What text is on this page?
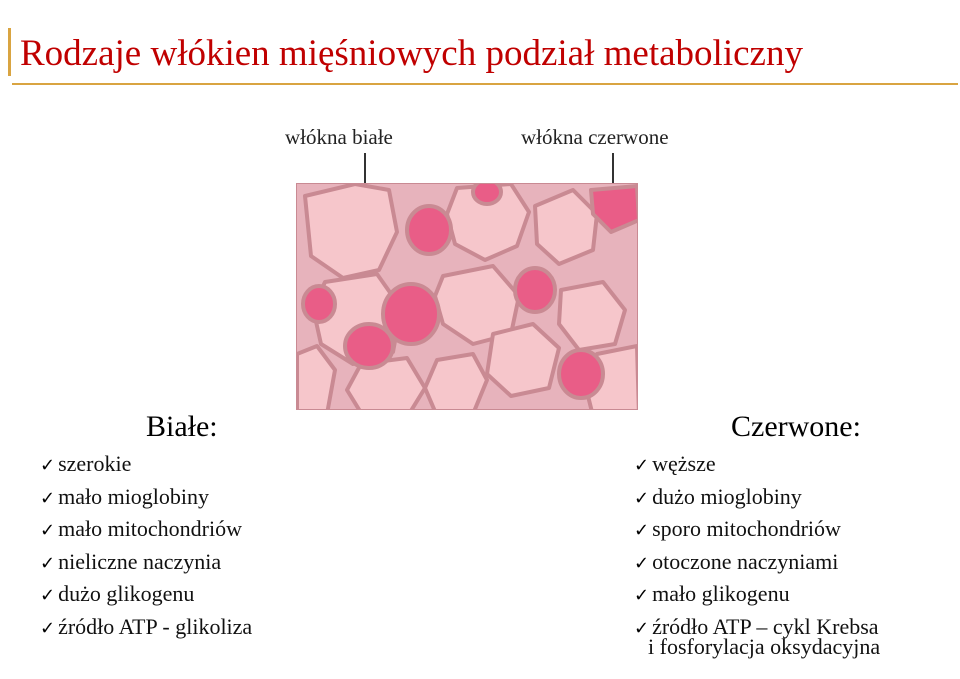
Rodzaje włókien mięśniowych podział metaboliczny
włókna białe	włókna czerwone
Białe:	Czerwone:
✓ szerokie
✓ mało mioglobiny
✓ mało mitochondriów
✓ nieliczne naczynia
✓ dużo glikogenu
✓ źródło ATP - glikoliza
✓ węższe
✓ dużo mioglobiny
✓ sporo mitochondriów
✓ otoczone naczyniami
✓ mało glikogenu
✓ źródło ATP – cykl Krebsa
i fosforylacja oksydacyjna
